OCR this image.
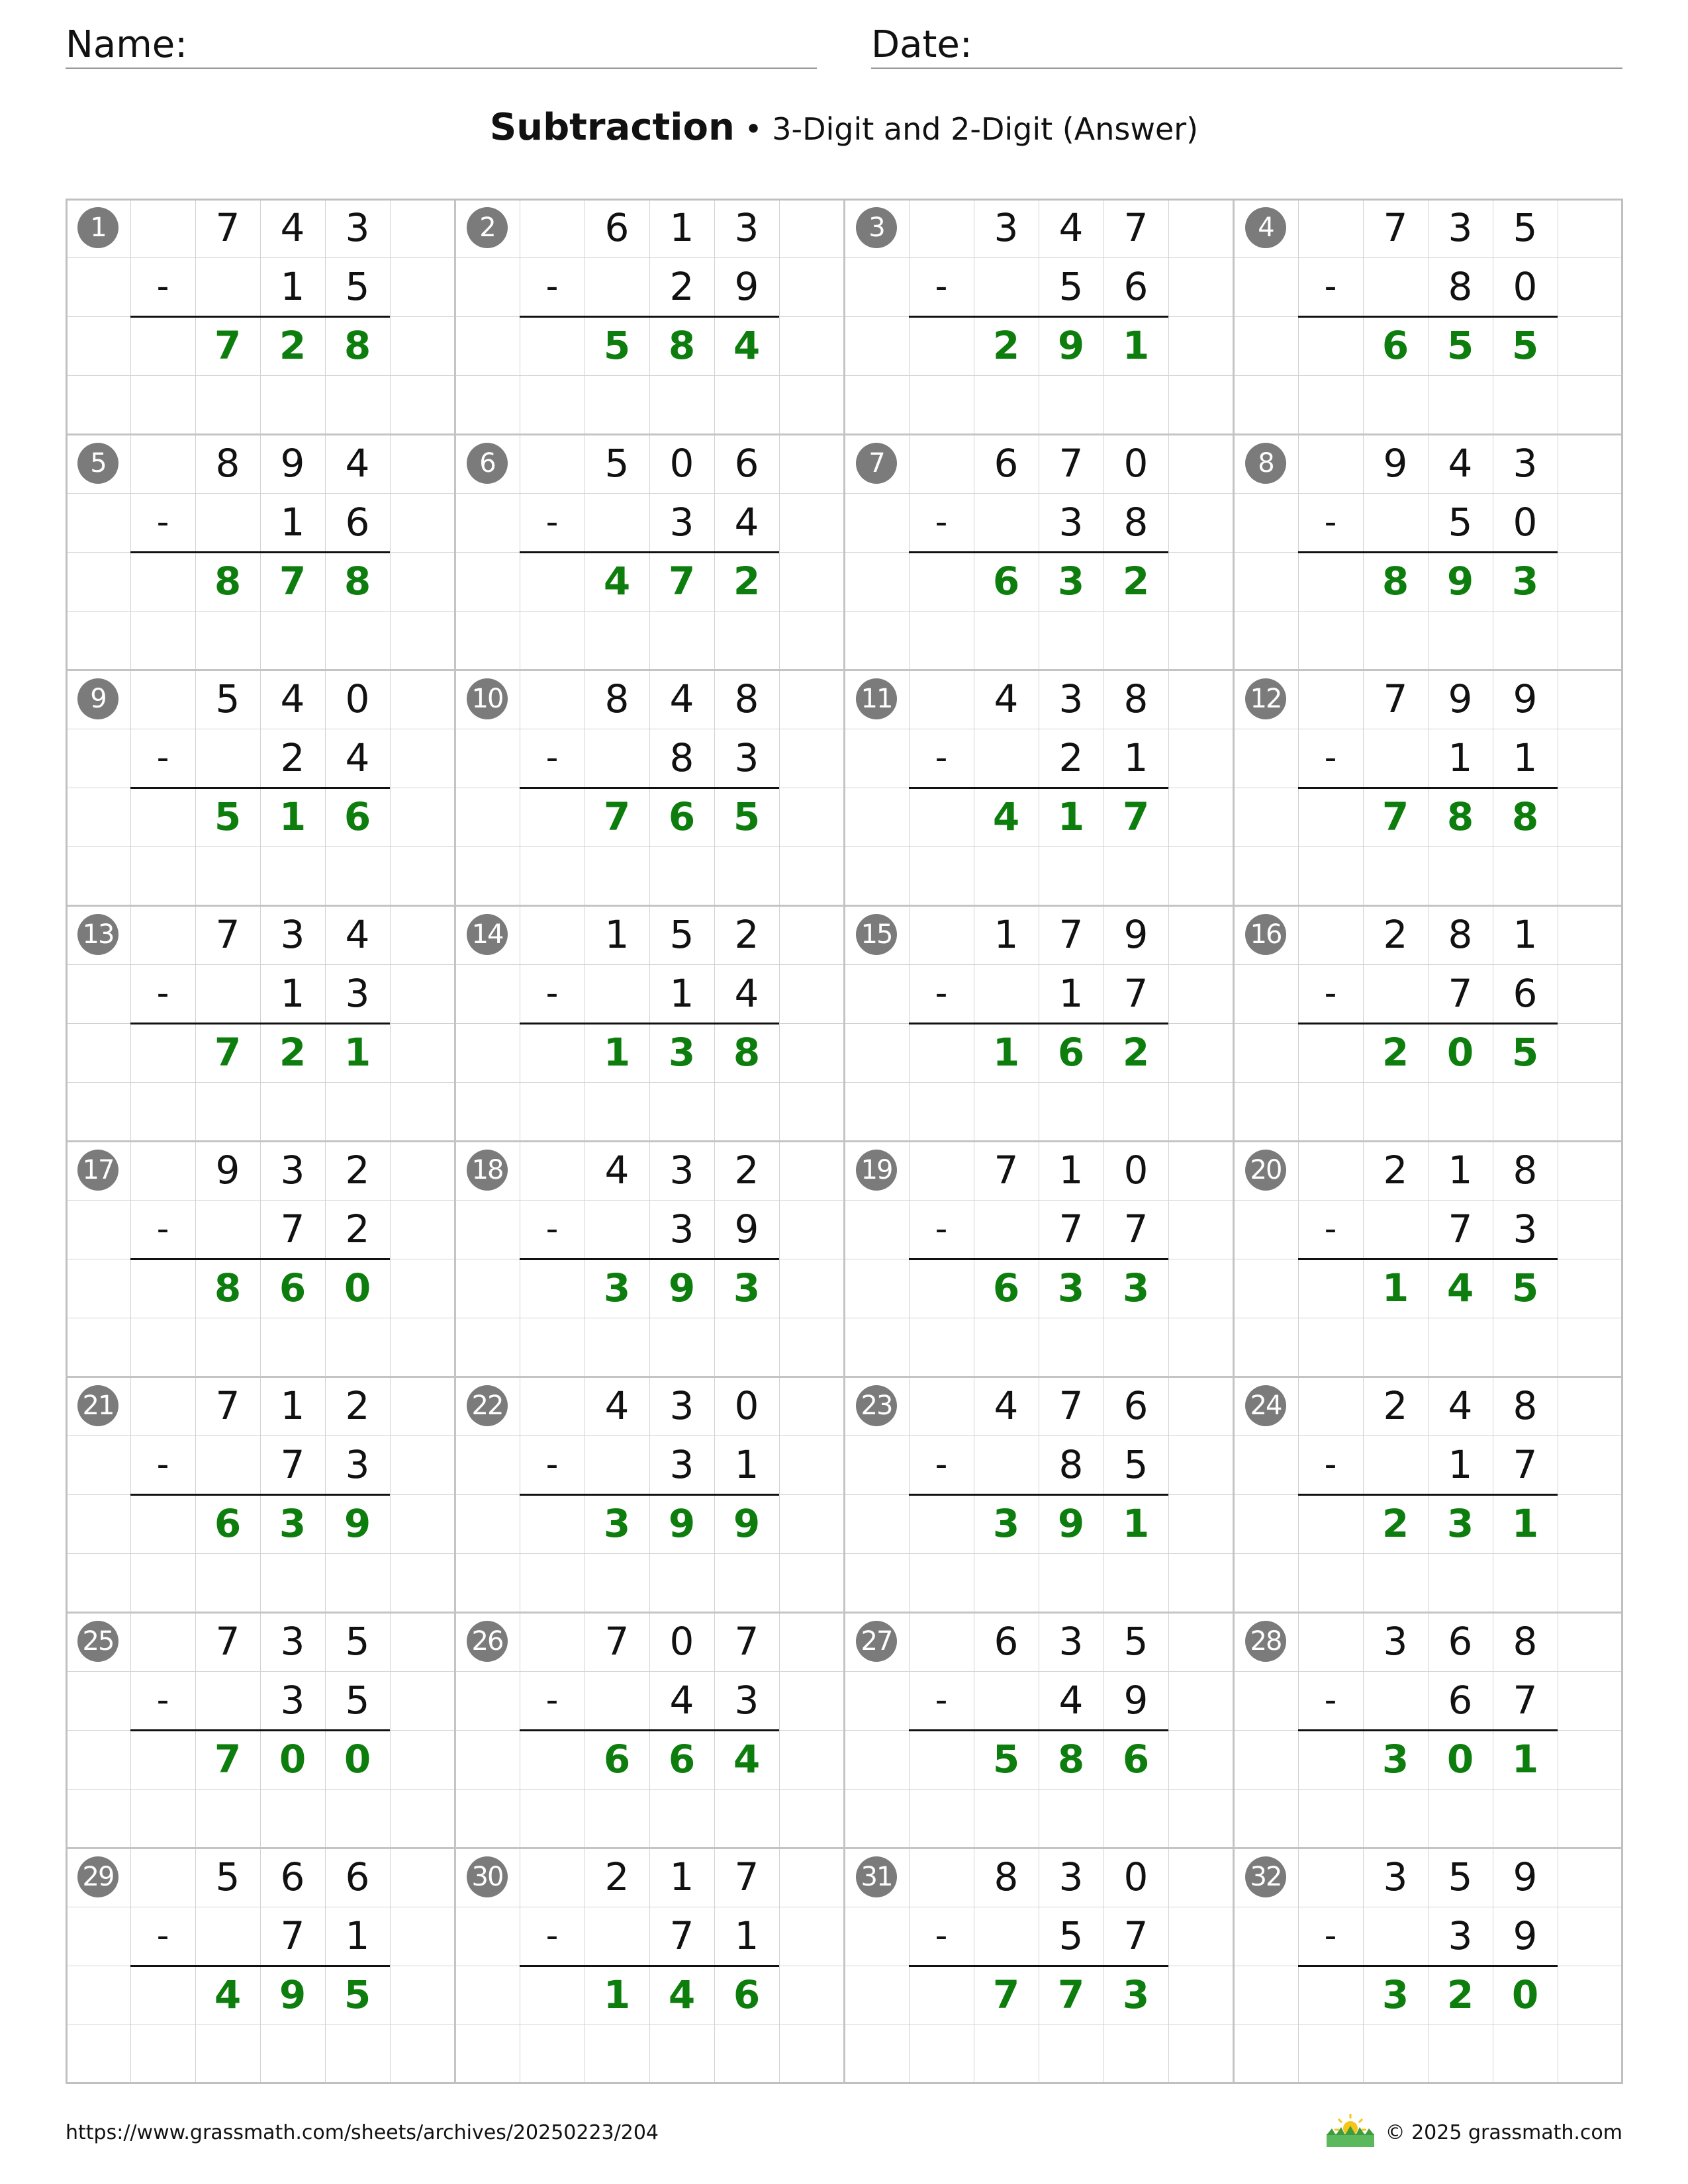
Name:	Date:
Subtraction • 3-Digit and 2-Digit (Answer)
1	7	4	3
-	1	5
7 2 8
2	6	1	3
-	2	9
5 8 4
3	3	4	7
-	5	6
2 9 1
4	7	3	5
-	8	0
6 5 5
5	8	9	4
-	1	6
8 7 8
6	5	0	6
-	3	4
4 7 2
7	6	7	0
-	3	8
6 3 2
8	9	4	3
-	5	0
8 9 3
9	5	4	0
-	2	4
5 1 6
10	8	4	8
-	8	3
7 6 5
11	4	3	8
-	2	1
4 1 7
12	7	9	9
-	1	1
7 8 8
13	7	3	4
-	1	3
7 2 1
14	1	5	2
-	1	4
1 3 8
15	1	7	9
-	1	7
1 6 2
16	2	8	1
-	7	6
2 0 5
17	9	3	2
-	7	2
8 6 0
18	4	3	2
-	3	9
3 9 3
19	7	1	0
-	7	7
6 3 3
20	2	1	8
-	7	3
1 4 5
21	7	1	2
-	7	3
6 3 9
22	4	3	0
-	3	1
3 9 9
23	4	7	6
-	8	5
3 9 1
24	2	4	8
-	1	7
2 3 1
25	7	3	5
-	3	5
7 0 0
26	7	0	7
-	4	3
6 6 4
27	6	3	5
-	4	9
5 8 6
28	3	6	8
-	6	7
3 0 1
29	5	6	6
-	7	1
4 9 5
30	2	1	7
-	7	1
1 4 6
31	8	3	0
-	5	7
7 7 3
32	3	5	9
-	3	9
3 2 0
https://www.grassmath.com/sheets/archives/20250223/204	© 2025 grassmath.com
